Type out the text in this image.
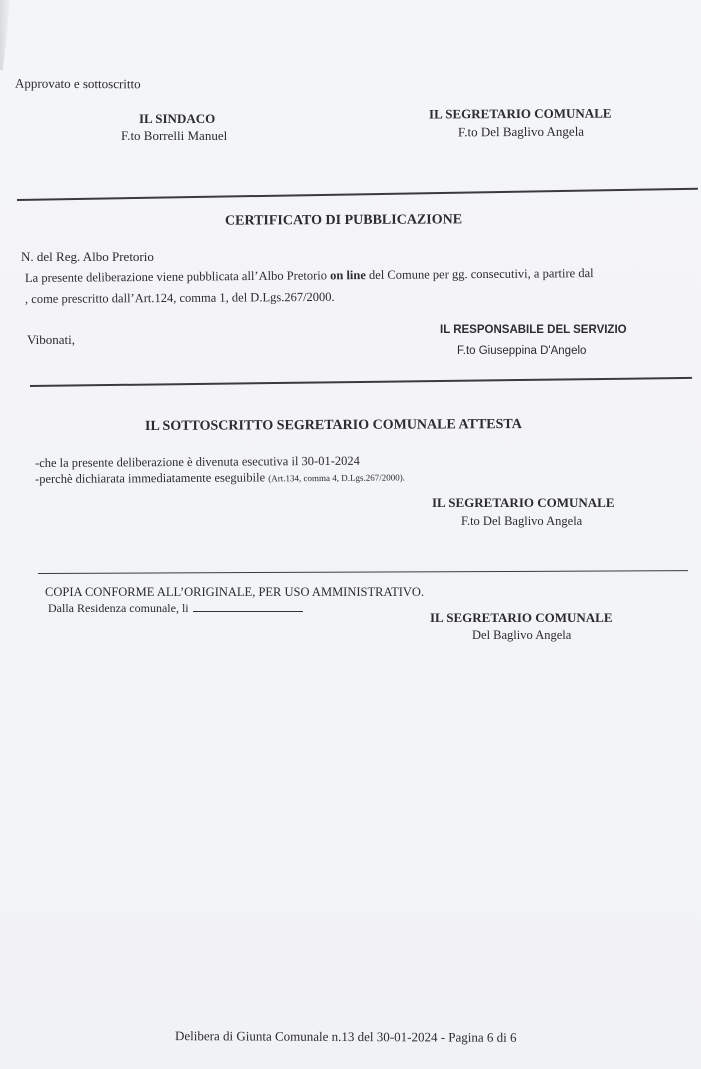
Approvato e sottoscritto
IL SINDACO
F.to Borrelli Manuel
IL SEGRETARIO COMUNALE
F.to Del Baglivo Angela
CERTIFICATO DI PUBBLICAZIONE
N. del Reg. Albo Pretorio
La presente deliberazione viene pubblicata all’Albo Pretorio on line del Comune per gg. consecutivi, a partire dal
, come prescritto dall’Art.124, comma 1, del D.Lgs.267/2000.
Vibonati,
IL RESPONSABILE DEL SERVIZIO
F.to Giuseppina D'Angelo
IL SOTTOSCRITTO SEGRETARIO COMUNALE ATTESTA
-che la presente deliberazione è divenuta esecutiva il 30-01-2024
-perchè dichiarata immediatamente eseguibile (Art.134, comma 4, D.Lgs.267/2000).
IL SEGRETARIO COMUNALE
F.to Del Baglivo Angela
COPIA CONFORME ALL’ORIGINALE, PER USO AMMINISTRATIVO.
Dalla Residenza comunale, li
IL SEGRETARIO COMUNALE
Del Baglivo Angela
Delibera di Giunta Comunale n.13 del 30-01-2024 - Pagina 6 di 6
